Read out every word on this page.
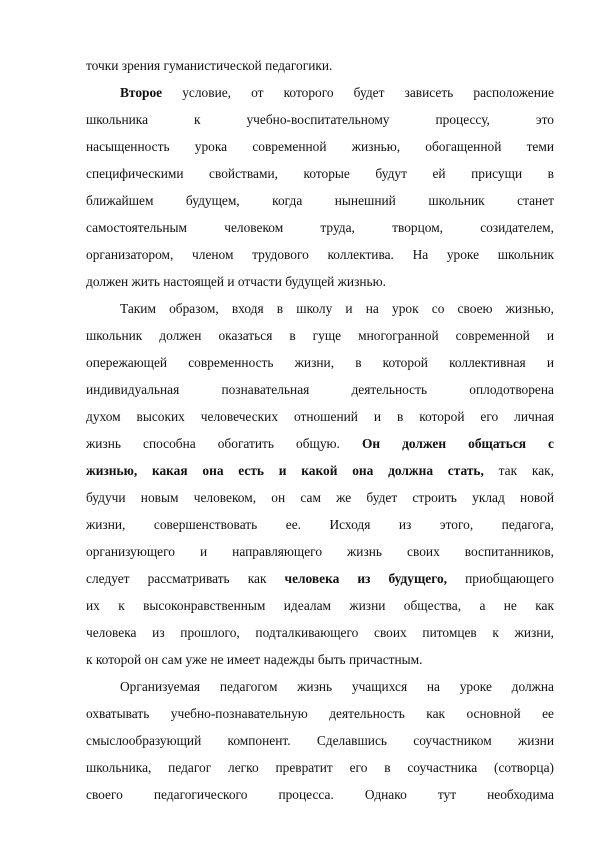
точки зрения гуманистической педагогики.
Второе условие, от которого будет зависеть расположение
школьника к учебно-воспитательному процессу, это
насыщенность урока современной жизнью, обогащенной теми
специфическими свойствами, которые будут ей присущи в
ближайшем будущем, когда нынешний школьник станет
самостоятельным человеком труда, творцом, созидателем,
организатором, членом трудового коллектива. На уроке школьник
должен жить настоящей и отчасти будущей жизнью.
Таким образом, входя в школу и на урок со своею жизнью,
школьник должен оказаться в гуще многогранной современной и
опережающей современность жизни, в которой коллективная и
индивидуальная познавательная деятельность оплодотворена
духом высоких человеческих отношений и в которой его личная
жизнь способна обогатить общую. Он должен общаться с
жизнью, какая она есть и какой она должна стать, так как,
будучи новым человеком, он сам же будет строить уклад новой
жизни, совершенствовать ее. Исходя из этого, педагога,
организующего и направляющего жизнь своих воспитанников,
следует рассматривать как человека из будущего, приобщающего
их к высоконравственным идеалам жизни общества, а не как
человека из прошлого, подталкивающего своих питомцев к жизни,
к которой он сам уже не имеет надежды быть причастным.
Организуемая педагогом жизнь учащихся на уроке должна
охватывать учебно-познавательную деятельность как основной ее
смыслообразующий компонент. Сделавшись соучастником жизни
школьника, педагог легко превратит его в соучастника (сотворца)
своего педагогического процесса. Однако тут необходима
